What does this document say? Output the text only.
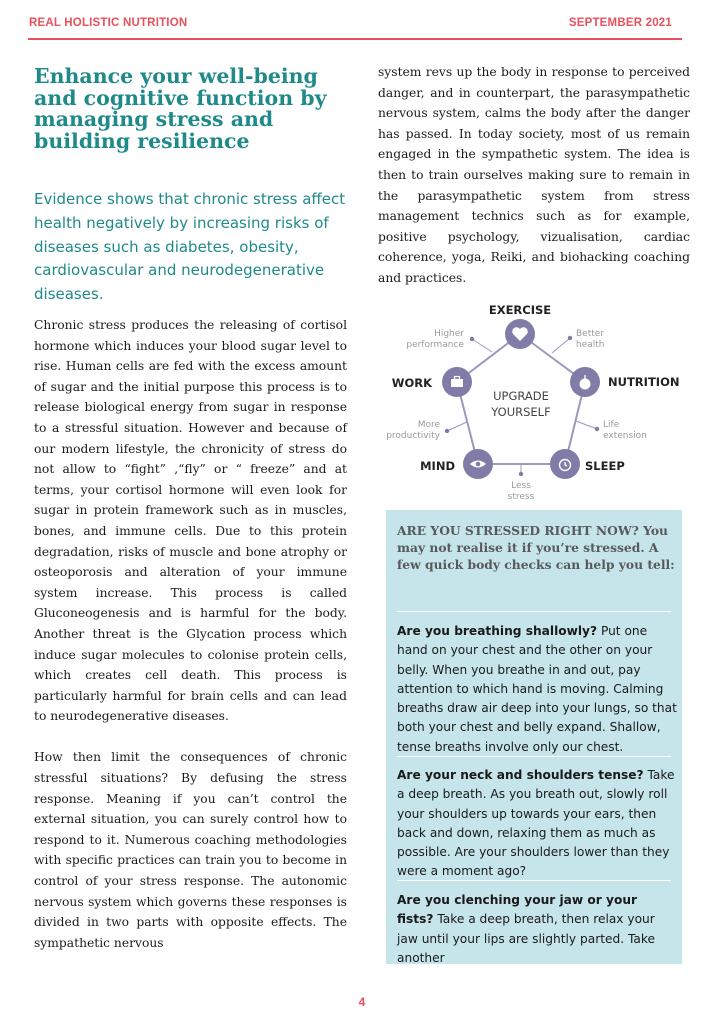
REAL HOLISTIC NUTRITION	SEPTEMBER 2021
Enhance your well-being and cognitive function by managing stress and building resilience

Evidence shows that chronic stress affect health negatively by increasing risks of diseases such as diabetes, obesity, cardiovascular and neurodegenerative diseases.

Chronic stress produces the releasing of cortisol hormone which induces your blood sugar level to rise. Human cells are fed with the excess amount of sugar and the initial purpose this process is to release biological energy from sugar in response to a stressful situation. However and because of our modern lifestyle, the chronicity of stress do not allow to “fight” ,“fly” or “ freeze” and at terms, your cortisol hormone will even look for sugar in protein framework such as in muscles, bones, and immune cells. Due to this protein degradation, risks of muscle and bone atrophy or osteoporosis and alteration of your immune system increase. This process is called Gluconeogenesis and is harmful for the body. Another threat is the Glycation process which induce sugar molecules to colonise protein cells, which creates cell death. This process is particularly harmful for brain cells and can lead to neurodegenerative diseases.

How then limit the consequences of chronic stressful situations? By defusing the stress response. Meaning if you can’t control the external situation, you can surely control how to respond to it. Numerous coaching methodologies with specific practices can train you to become in control of your stress response. The autonomic nervous system which governs these responses is divided in two parts with opposite effects. The sympathetic nervous

system revs up the body in response to perceived danger, and in counterpart, the parasympathetic nervous system, calms the body after the danger has passed. In today society, most of us remain engaged in the sympathetic system. The idea is then to train ourselves making sure to remain in the parasympathetic system from stress management technics such as for example, positive psychology, vizualisation, cardiac coherence, yoga, Reiki, and biohacking coaching and practices.

EXERCISE
NUTRITION
SLEEP
MIND
WORK
UPGRADE
YOURSELF
Higher
performance
Better
health
Life
extension
Less
stress
More
productivity
ARE YOU STRESSED RIGHT NOW? You may not realise it if you’re stressed. A few quick body checks can help you tell:
Are you breathing shallowly? Put one hand on your chest and the other on your belly. When you breathe in and out, pay attention to which hand is moving. Calming breaths draw air deep into your lungs, so that both your chest and belly expand. Shallow, tense breaths involve only our chest.
Are your neck and shoulders tense? Take a deep breath. As you breath out, slowly roll your shoulders up towards your ears, then back and down, relaxing them as much as possible. Are your shoulders lower than they were a moment ago?
Are you clenching your jaw or your fists? Take a deep breath, then relax your jaw until your lips are slightly parted. Take another
4
